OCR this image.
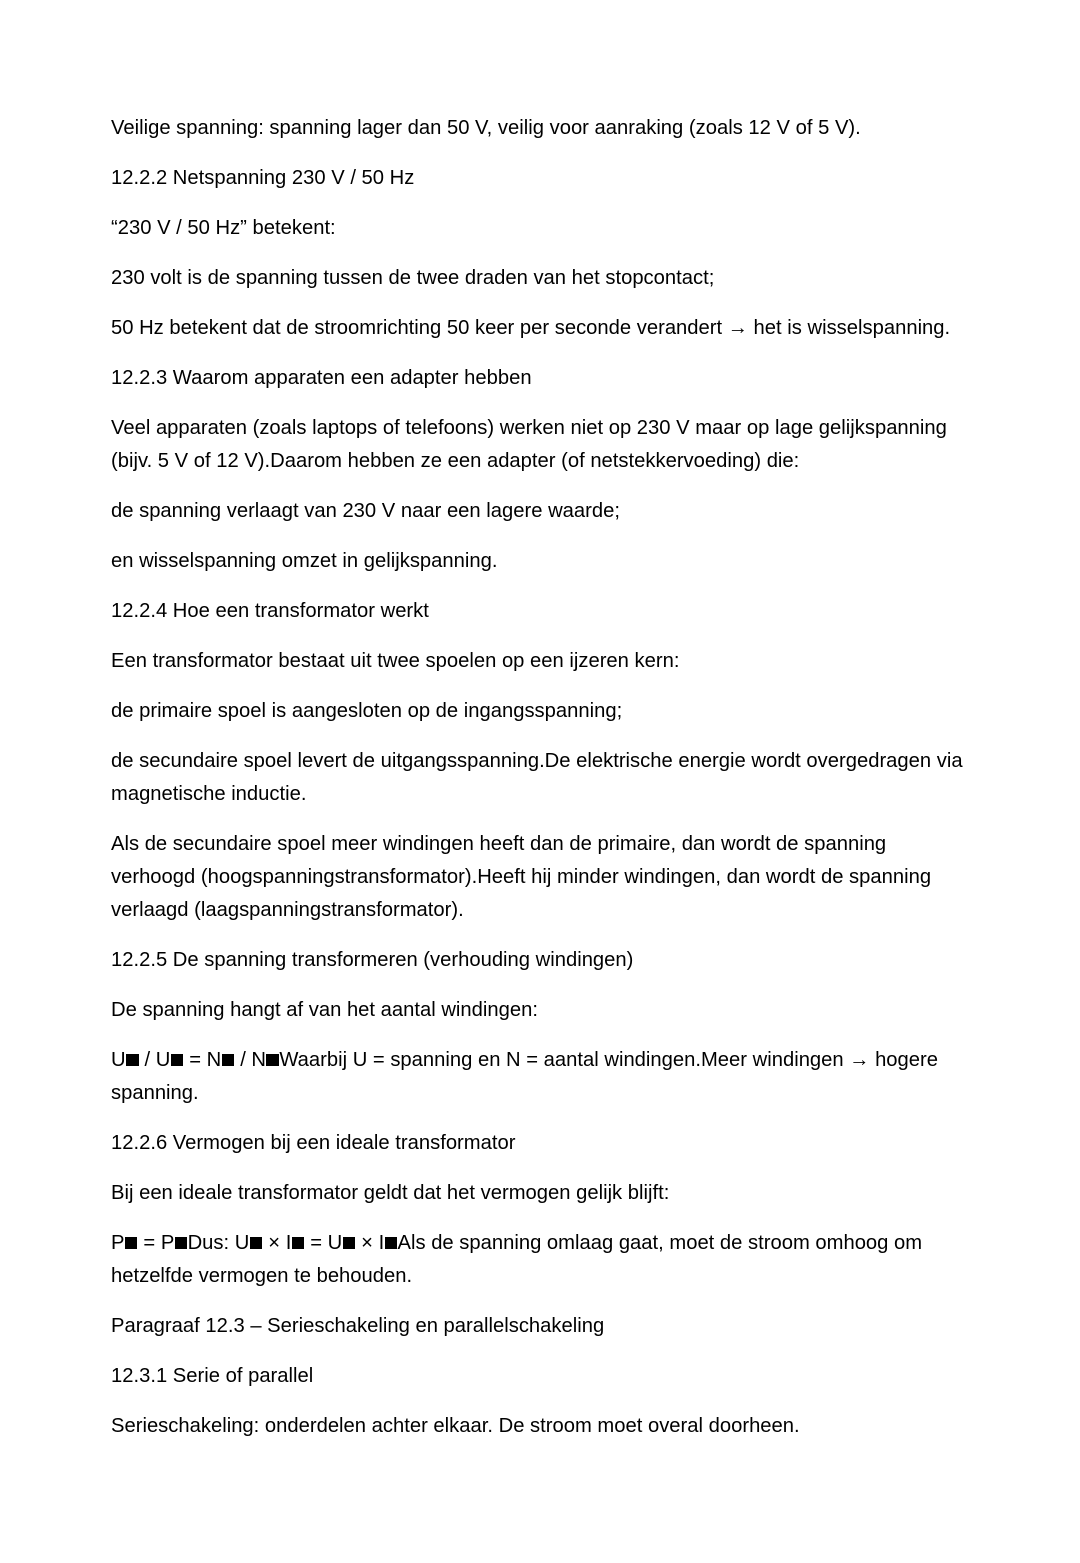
Veilige spanning: spanning lager dan 50 V, veilig voor aanraking (zoals 12 V of 5 V).

12.2.2 Netspanning 230 V / 50 Hz

“230 V / 50 Hz” betekent:

230 volt is de spanning tussen de twee draden van het stopcontact;

50 Hz betekent dat de stroomrichting 50 keer per seconde verandert → het is wisselspanning.

12.2.3 Waarom apparaten een adapter hebben

Veel apparaten (zoals laptops of telefoons) werken niet op 230 V maar op lage gelijkspanning (bijv. 5 V of 12 V).Daarom hebben ze een adapter (of netstekkervoeding) die:

de spanning verlaagt van 230 V naar een lagere waarde;

en wisselspanning omzet in gelijkspanning.

12.2.4 Hoe een transformator werkt

Een transformator bestaat uit twee spoelen op een ijzeren kern:

de primaire spoel is aangesloten op de ingangsspanning;

de secundaire spoel levert de uitgangsspanning.De elektrische energie wordt overgedragen via magnetische inductie.

Als de secundaire spoel meer windingen heeft dan de primaire, dan wordt de spanning verhoogd (hoogspanningstransformator).Heeft hij minder windingen, dan wordt de spanning verlaagd (laagspanningstransformator).

12.2.5 De spanning transformeren (verhouding windingen)

De spanning hangt af van het aantal windingen:

U / U = N / N Waarbij U = spanning en N = aantal windingen.Meer windingen → hogere spanning.

12.2.6 Vermogen bij een ideale transformator

Bij een ideale transformator geldt dat het vermogen gelijk blijft:

P = P Dus: U × I = U × I Als de spanning omlaag gaat, moet de stroom omhoog om hetzelfde vermogen te behouden.

Paragraaf 12.3 – Serieschakeling en parallelschakeling

12.3.1 Serie of parallel

Serieschakeling: onderdelen achter elkaar. De stroom moet overal doorheen.
